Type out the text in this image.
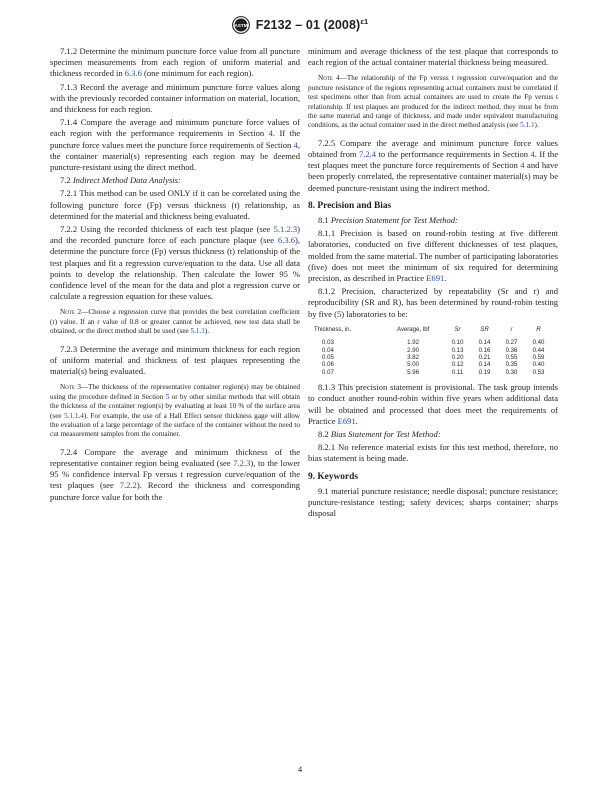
ASTM F2132 – 01 $(2008)^{\varepsilon 1}$

7.1.2 Determine the minimum puncture force value from all puncture specimen measurements from each region of uniform material and thickness recorded in 6.3.6 (one minimum for each region).

7.1.3 Record the average and minimum puncture force values along with the previously recorded container information on material, location, and thickness for each region.

7.1.4 Compare the average and minimum puncture force values of each region with the performance requirements in Section 4. If the puncture force values meet the puncture force requirements of Section 4, the container material(s) representing each region may be deemed puncture-resistant using the direct method.

7.2 Indirect Method Data Analysis:

7.2.1 This method can be used ONLY if it can be correlated using the following puncture force (Fp) versus thickness (t) relationship, as determined for the material and thickness being evaluated.

7.2.2 Using the recorded thickness of each test plaque (see 5.1.2.3) and the recorded puncture force of each puncture plaque (see 6.3.6), determine the puncture force (Fp) versus thickness (t) relationship of the test plaques and fit a regression curve/equation to the data. Use all data points to develop the relationship. Then calculate the lower 95 % confidence level of the mean for the data and plot a regression curve or calculate a regression equation for these values.

Note 2—Choose a regression curve that provides the best correlation coefficient (r) value. If an r value of 0.8 or greater cannot be achieved, new test data shall be obtained, or the direct method shall be used (see 5.1.1).

7.2.3 Determine the average and minimum thickness for each region of uniform material and thickness of test plaques representing the material(s) being evaluated.

Note 3—The thickness of the representative container region(s) may be obtained using the procedure defined in Section 5 or by other similar methods that will obtain the thickness of the container region(s) by evaluating at least 10 % of the surface area (see 5.1.1.4). For example, the use of a Hall Effect sensor thickness gage will allow the evaluation of a large percentage of the surface of the container without the need to cut measurement samples from the container.

7.2.4 Compare the average and minimum thickness of the representative container region being evaluated (see 7.2.3), to the lower 95 % confidence interval Fp versus t regression curve/equation of the test plaques (see 7.2.2). Record the thickness and corresponding puncture force value for both the

minimum and average thickness of the test plaque that corresponds to each region of the actual container material thickness being measured.

Note 4—The relationship of the Fp versus t regression curve/equation and the puncture resistance of the regions representing actual containers must be correlated if test specimens other than from actual containers are used to create the Fp versus t relationship. If test plaques are produced for the indirect method, they must be from the same material and range of thickness, and made under equivalent manufacturing conditions, as the actual container used in the direct method analysis (see 5.1.1).

7.2.5 Compare the average and minimum puncture force values obtained from 7.2.4 to the performance requirements in Section 4. If the test plaques meet the puncture force requirements of Section 4 and have been properly correlated, the representative container material(s) may be deemed puncture-resistant using the indirect method.

8. Precision and Bias

8.1 Precision Statement for Test Method:

8.1.1 Precision is based on round-robin testing at five different laboratories, conducted on five different thicknesses of test plaques, molded from the same material. The number of participating laboratories (five) does not meet the minimum of six required for determining precision, as described in Practice E691.

8.1.2 Precision, characterized by repeatability (Sr and r) and reproducibility (SR and R), has been determined by round-robin testing by five (5) laboratories to be:

Thickness, in.	Average, lbf	Sr	SR	r	R
0.03	1.92	0.10	0.14	0.27	0.40
0.04	2.90	0.13	0.16	0.36	0.44
0.05	3.82	0.20	0.21	0.55	0.59
0.06	5.00	0.12	0.14	0.35	0.40
0.07	5.96	0.11	0.19	0.30	0.53

8.1.3 This precision statement is provisional. The task group intends to conduct another round-robin within five years when additional data will be obtained and processed that does meet the requirements of Practice E691.

8.2 Bias Statement for Test Method:

8.2.1 No reference material exists for this test method, therefore, no bias statement is being made.

9. Keywords

9.1 material puncture resistance; needle disposal; puncture resistance; puncture-resistance testing; safety devices; sharps container; sharps disposal

4
